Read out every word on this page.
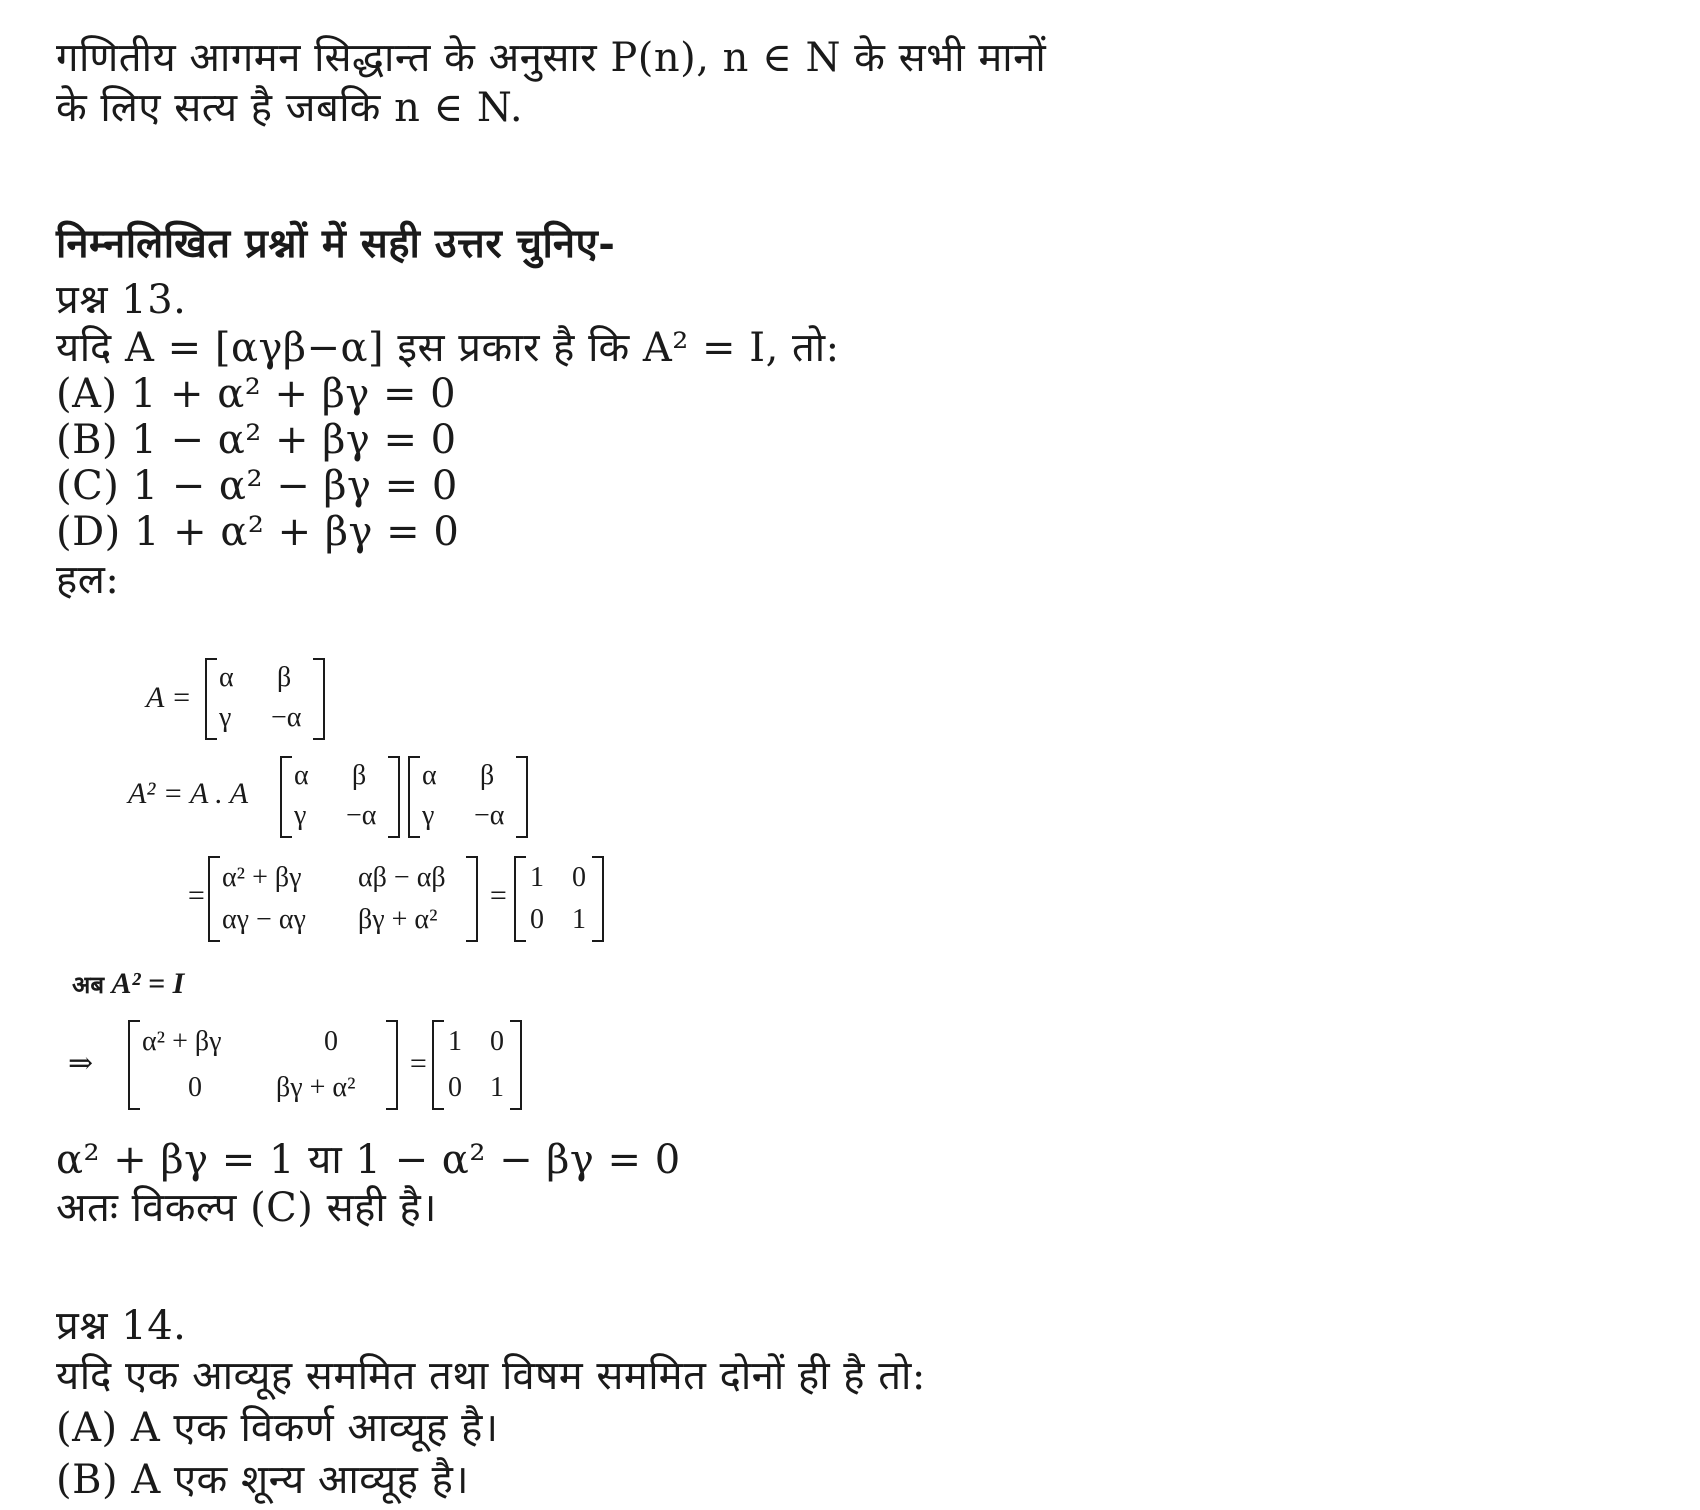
गणितीय आगमन सिद्धान्त के अनुसार P(n), n ∈ N के सभी मानों
के लिए सत्य है जबकि n ∈ N.
निम्नलिखित प्रश्नों में सही उत्तर चुनिए-
प्रश्न 13.
यदि A = [αγβ−α] इस प्रकार है कि A² = I, तो:
(A) 1 + α² + βγ = 0
(B) 1 − α² + βγ = 0
(C) 1 − α² − βγ = 0
(D) 1 + α² + βγ = 0
हल:
A =
α β
γ −α
A² = A . A
α β
γ −α
α β
γ −α
=
α² + βγ αβ − αβ
αγ − αγ βγ + α²
=
1 0
0 1
अब A² = I
⇒
α² + βγ	0
0	βγ + α²
=
1 0
0 1
α² + βγ = 1 या 1 − α² − βγ = 0
अतः विकल्प (C) सही है।
प्रश्न 14.
यदि एक आव्यूह सममित तथा विषम सममित दोनों ही है तो:
(A) A एक विकर्ण आव्यूह है।
(B) A एक शून्य आव्यूह है।
